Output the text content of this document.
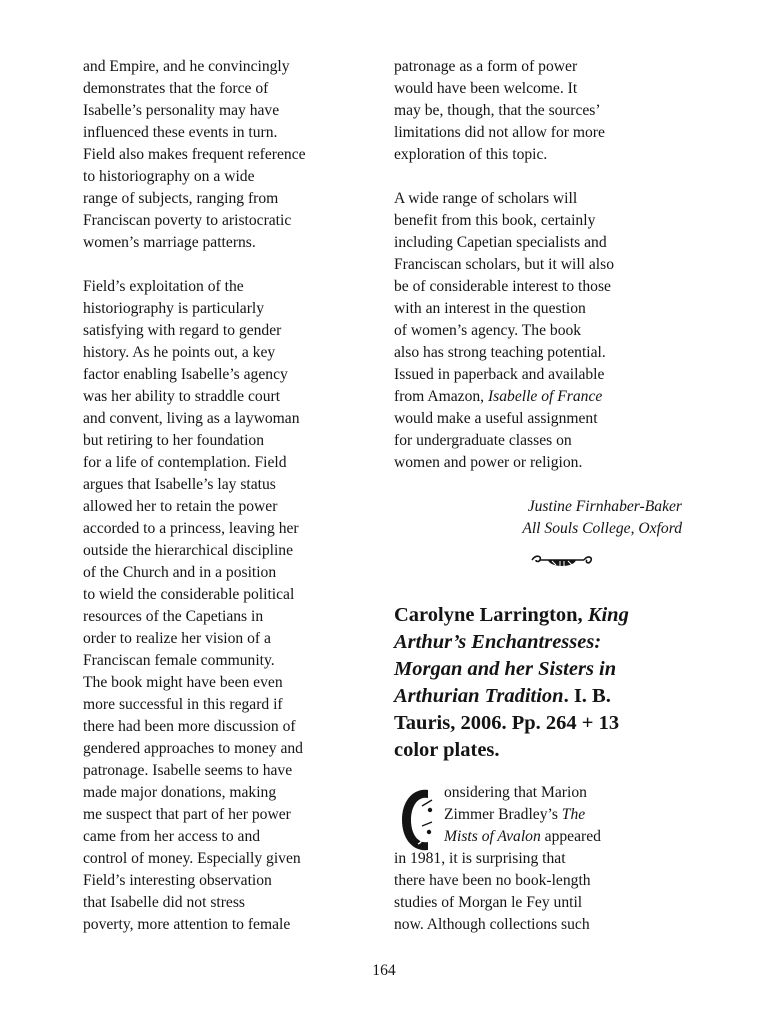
and Empire, and he convincingly
demonstrates that the force of
Isabelle’s personality may have
influenced these events in turn.
Field also makes frequent reference
to historiography on a wide
range of subjects, ranging from
Franciscan poverty to aristocratic
women’s marriage patterns.
Field’s exploitation of the
historiography is particularly
satisfying with regard to gender
history. As he points out, a key
factor enabling Isabelle’s agency
was her ability to straddle court
and convent, living as a laywoman
but retiring to her foundation
for a life of contemplation. Field
argues that Isabelle’s lay status
allowed her to retain the power
accorded to a princess, leaving her
outside the hierarchical discipline
of the Church and in a position
to wield the considerable political
resources of the Capetians in
order to realize her vision of a
Franciscan female community.
The book might have been even
more successful in this regard if
there had been more discussion of
gendered approaches to money and
patronage. Isabelle seems to have
made major donations, making
me suspect that part of her power
came from her access to and
control of money. Especially given
Field’s interesting observation
that Isabelle did not stress
poverty, more attention to female
patronage as a form of power
would have been welcome. It
may be, though, that the sources’
limitations did not allow for more
exploration of this topic.
A wide range of scholars will
benefit from this book, certainly
including Capetian specialists and
Franciscan scholars, but it will also
be of considerable interest to those
with an interest in the question
of women’s agency. The book
also has strong teaching potential.
Issued in paperback and available
from Amazon, Isabelle of France
would make a useful assignment
for undergraduate classes on
women and power or religion.
Justine Firnhaber-Baker
All Souls College, Oxford
Carolyne Larrington, King
Arthur’s Enchantresses:
Morgan and her Sisters in
Arthurian Tradition. I. B.
Tauris, 2006. Pp. 264 + 13
color plates.
onsidering that Marion
Zimmer Bradley’s The
Mists of Avalon appeared
in 1981, it is surprising that
there have been no book-length
studies of Morgan le Fey until
now. Although collections such
164
